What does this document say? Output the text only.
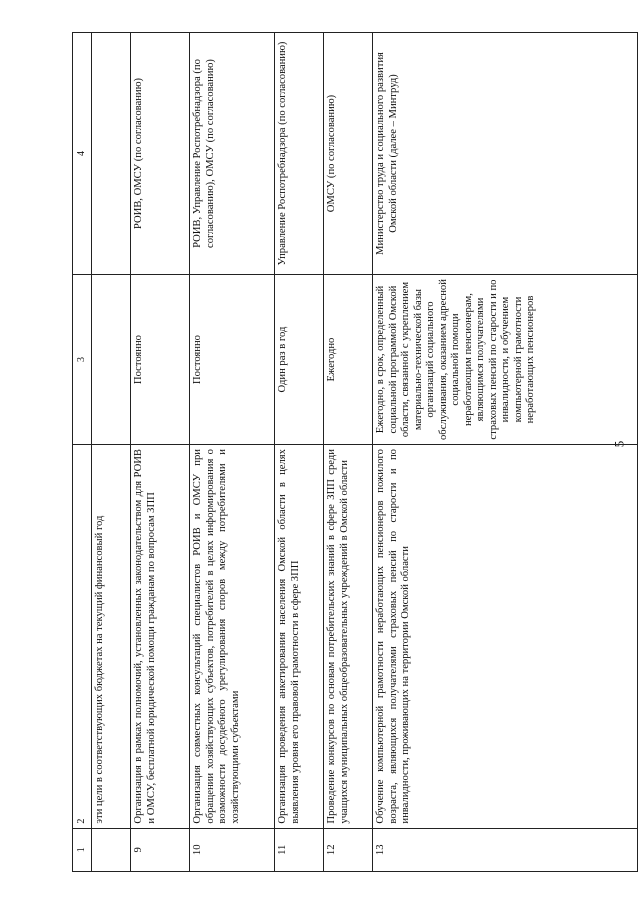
5
1	2	3	4
	эти цели в соответствующих бюджетах на текущий финансовый год		
9	Организация в рамках полномочий, установленных законодательством для РОИВ и ОМСУ, бесплатной юридической помощи гражданам по вопросам ЗПП	Постоянно	РОИВ, ОМСУ (по согласованию)
10	Организация совместных консультаций специалистов РОИВ и ОМСУ при обращении хозяйствующих субъектов, потребителей в целях информирования о возможности досудебного урегулирования споров между потребителями и хозяйствующими субъектами	Постоянно	РОИВ, Управление Роспотребнадзора (по согласованию), ОМСУ (по согласованию)
11	Организация проведения анкетирования населения Омской области в целях выявления уровня его правовой грамотности в сфере ЗПП	Один раз в год	Управление Роспотребнадзора (по согласованию)
12	Проведение конкурсов по основам потребительских знаний в сфере ЗПП среди учащихся муниципальных общеобразовательных учреждений в Омской области	Ежегодно	ОМСУ (по согласованию)
13	Обучение компьютерной грамотности неработающих пенсионеров пожилого возраста, являющихся получателями страховых пенсий по старости и по инвалидности, проживающих на территории Омской области	Ежегодно, в срок, определенный социальной программой Омской области, связанной с укреплением материально-технической базы организаций социального обслуживания, оказанием адресной социальной помощи неработающим пенсионерам, являющимся получателями страховых пенсий по старости и по инвалидности, и обучением компьютерной грамотности неработающих пенсионеров	Министерство труда и социального развития Омской области (далее – Минтруд)
